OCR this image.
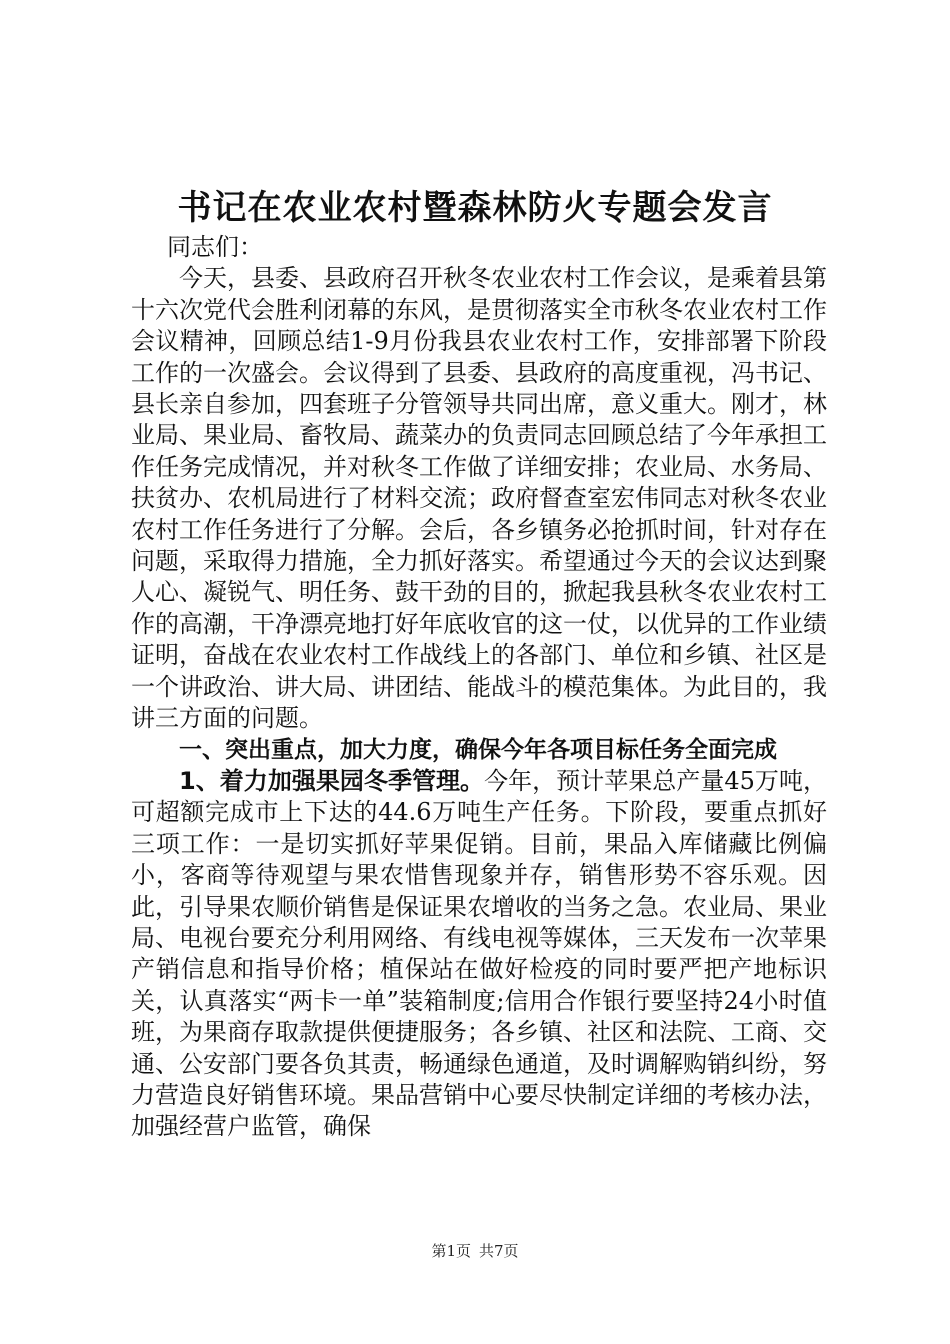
书记在农业农村暨森林防火专题会发言

同志们：

今天，县委、县政府召开秋冬农业农村工作会议，是乘着县第十六次党代会胜利闭幕的东风，是贯彻落实全市秋冬农业农村工作会议精神，回顾总结1-9月份我县农业农村工作，安排部署下阶段工作的一次盛会。会议得到了县委、县政府的高度重视，冯书记、县长亲自参加，四套班子分管领导共同出席，意义重大。刚才，林业局、果业局、畜牧局、蔬菜办的负责同志回顾总结了今年承担工作任务完成情况，并对秋冬工作做了详细安排；农业局、水务局、扶贫办、农机局进行了材料交流；政府督查室宏伟同志对秋冬农业农村工作任务进行了分解。会后，各乡镇务必抢抓时间，针对存在问题，采取得力措施，全力抓好落实。希望通过今天的会议达到聚人心、凝锐气、明任务、鼓干劲的目的，掀起我县秋冬农业农村工作的高潮，干净漂亮地打好年底收官的这一仗，以优异的工作业绩证明，奋战在农业农村工作战线上的各部门、单位和乡镇、社区是一个讲政治、讲大局、讲团结、能战斗的模范集体。为此目的，我讲三方面的问题。

一、突出重点，加大力度，确保今年各项目标任务全面完成

1、着力加强果园冬季管理。今年，预计苹果总产量45万吨，可超额完成市上下达的44.6万吨生产任务。下阶段，要重点抓好三项工作：一是切实抓好苹果促销。目前，果品入库储藏比例偏小，客商等待观望与果农惜售现象并存，销售形势不容乐观。因此，引导果农顺价销售是保证果农增收的当务之急。农业局、果业局、电视台要充分利用网络、有线电视等媒体，三天发布一次苹果产销信息和指导价格；植保站在做好检疫的同时要严把产地标识关，认真落实“两卡一单”装箱制度;信用合作银行要坚持24小时值班，为果商存取款提供便捷服务；各乡镇、社区和法院、工商、交通、公安部门要各负其责，畅通绿色通道，及时调解购销纠纷，努力营造良好销售环境。果品营销中心要尽快制定详细的考核办法，加强经营户监管，确保

第1页 共7页
